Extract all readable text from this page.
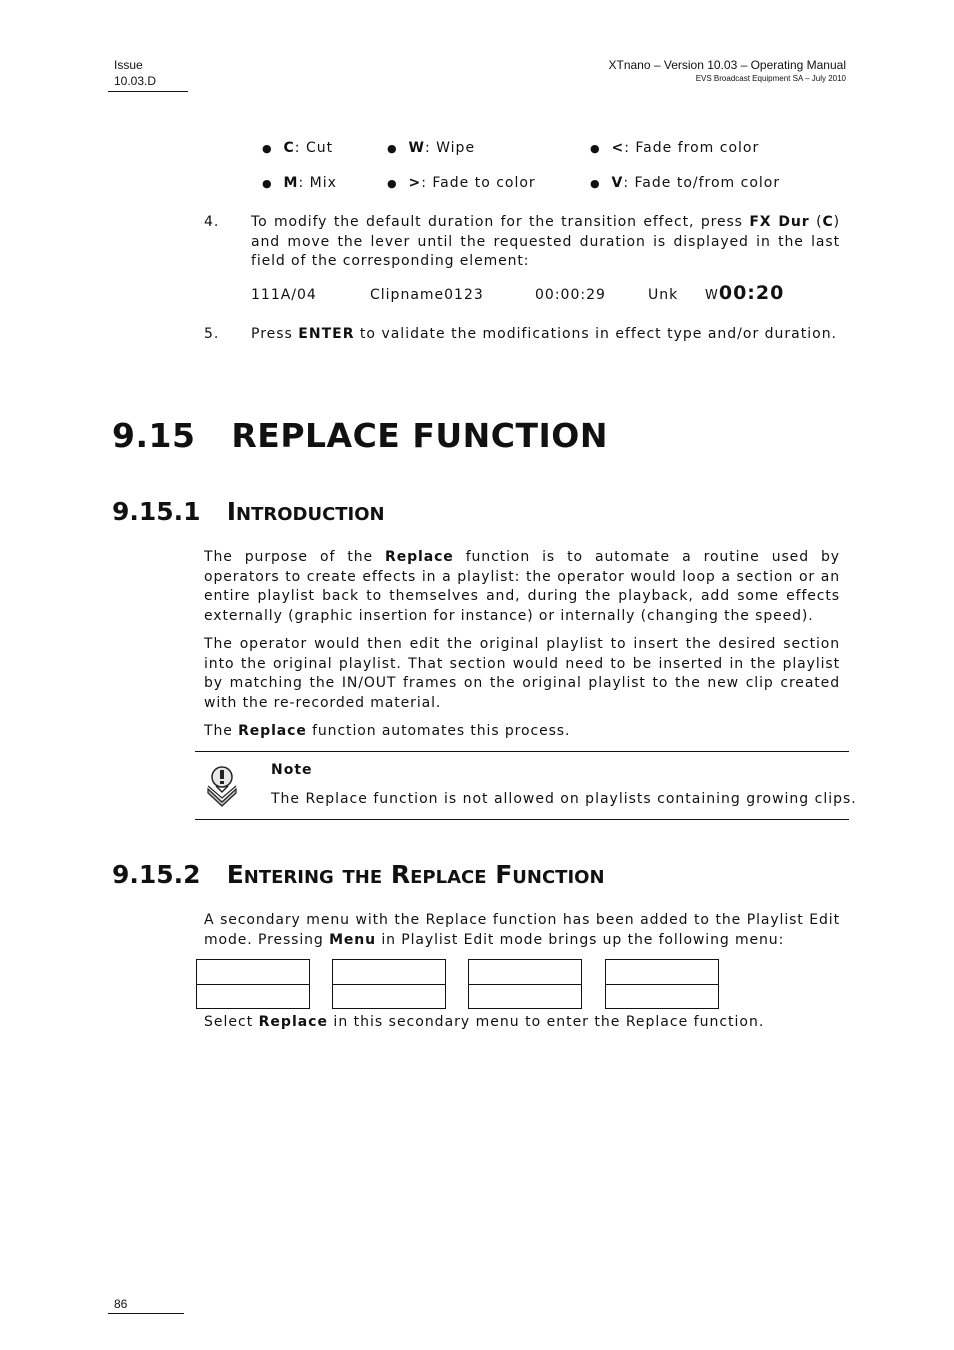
Issue
10.03.D
XTnano – Version 10.03 – Operating Manual
EVS Broadcast Equipment SA – July 2010
● C: Cut	● W: Wipe	● <: Fade from color
● M: Mix	● >: Fade to color	● V: Fade to/from color
4. To modify the default duration for the transition effect, press FX Dur (C) and move the lever until the requested duration is displayed in the last field of the corresponding element:
111A/04	Clipname0123	00:00:29	Unk W00:20
5. Press ENTER to validate the modifications in effect type and/or duration.
9.15   REPLACE FUNCTION
9.15.1 Introduction
The purpose of the Replace function is to automate a routine used by operators to create effects in a playlist: the operator would loop a section or an entire playlist back to themselves and, during the playback, add some effects externally (graphic insertion for instance) or internally (changing the speed).
The operator would then edit the original playlist to insert the desired section into the original playlist. That section would need to be inserted in the playlist by matching the IN/OUT frames on the original playlist to the new clip created with the re-recorded material.
The Replace function automates this process.
Note
The Replace function is not allowed on playlists containing growing clips.
9.15.2 Entering the Replace Function
A secondary menu with the Replace function has been added to the Playlist Edit mode. Pressing Menu in Playlist Edit mode brings up the following menu:
Select Replace in this secondary menu to enter the Replace function.
86
